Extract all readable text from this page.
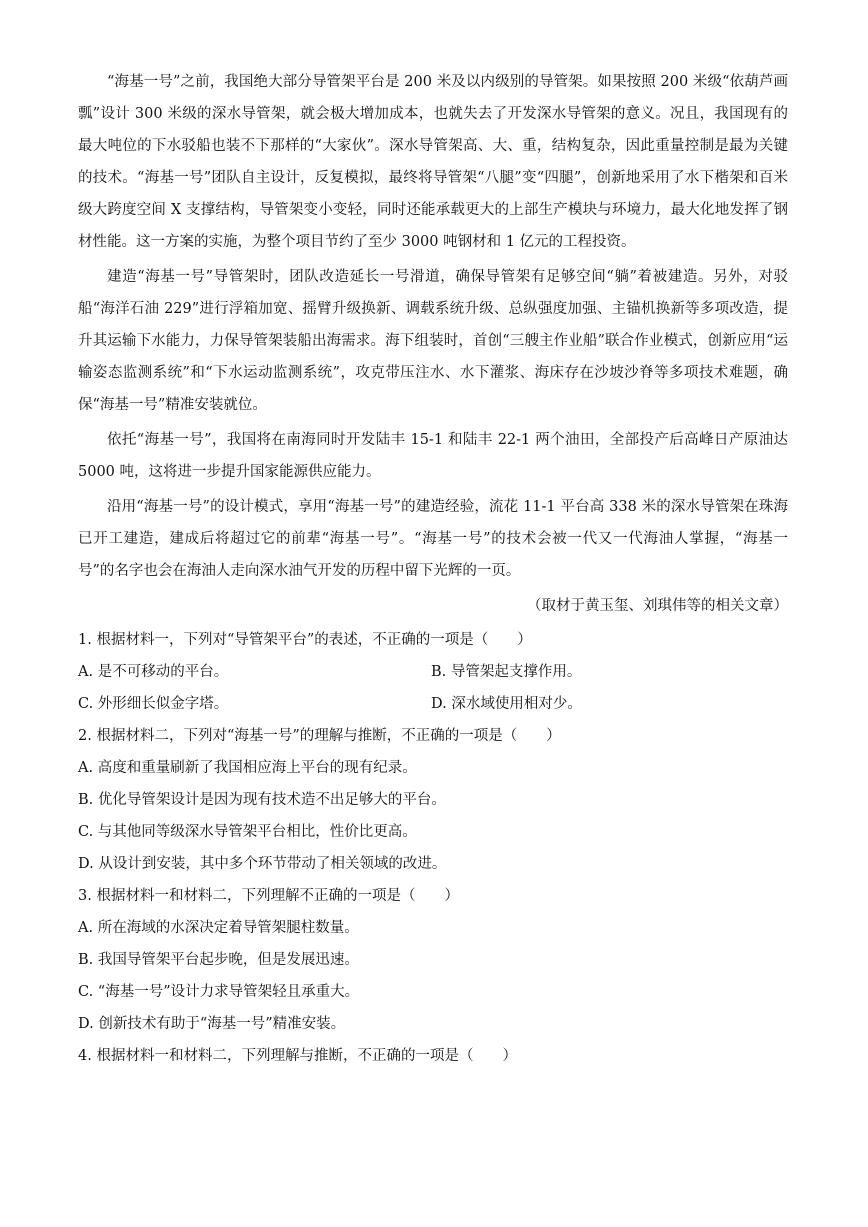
“海基一号”之前，我国绝大部分导管架平台是 200 米及以内级别的导管架。如果按照 200 米级“依葫芦画瓢”设计 300 米级的深水导管架，就会极大增加成本，也就失去了开发深水导管架的意义。况且，我国现有的最大吨位的下水驳船也装不下那样的“大家伙”。深水导管架高、大、重，结构复杂，因此重量控制是最为关键的技术。“海基一号”团队自主设计，反复模拟，最终将导管架“八腿”变“四腿”，创新地采用了水下楷架和百米级大跨度空间 X 支撑结构，导管架变小变轻，同时还能承载更大的上部生产模块与环境力，最大化地发挥了钢材性能。这一方案的实施，为整个项目节约了至少 3000 吨钢材和 1 亿元的工程投资。

建造“海基一号”导管架时，团队改造延长一号滑道，确保导管架有足够空间“躺”着被建造。另外，对驳船“海洋石油 229”进行浮箱加宽、摇臂升级换新、调载系统升级、总纵强度加强、主锚机换新等多项改造，提升其运输下水能力，力保导管架装船出海需求。海下组装时，首创“三艘主作业船”联合作业模式，创新应用“运输姿态监测系统”和“下水运动监测系统”，攻克带压注水、水下灌浆、海床存在沙坡沙脊等多项技术难题，确保“海基一号”精准安装就位。

依托“海基一号”，我国将在南海同时开发陆丰 15-1 和陆丰 22-1 两个油田，全部投产后高峰日产原油达 5000 吨，这将进一步提升国家能源供应能力。

沿用“海基一号”的设计模式，享用“海基一号”的建造经验，流花 11-1 平台高 338 米的深水导管架在珠海已开工建造，建成后将超过它的前辈“海基一号”。“海基一号”的技术会被一代又一代海油人掌握，“海基一号”的名字也会在海油人走向深水油气开发的历程中留下光辉的一页。

（取材于黄玉玺、刘琪伟等的相关文章）

1. 根据材料一，下列对“导管架平台”的表述，不正确的一项是（　　）

A. 是不可移动的平台。	B. 导管架起支撑作用。

C. 外形细长似金字塔。	D. 深水域使用相对少。

2. 根据材料二，下列对“海基一号”的理解与推断，不正确的一项是（　　）

A. 高度和重量刷新了我国相应海上平台的现有纪录。

B. 优化导管架设计是因为现有技术造不出足够大的平台。

C. 与其他同等级深水导管架平台相比，性价比更高。

D. 从设计到安装，其中多个环节带动了相关领域的改进。

3. 根据材料一和材料二，下列理解不正确的一项是（　　）

A. 所在海域的水深决定着导管架腿柱数量。

B. 我国导管架平台起步晚，但是发展迅速。

C. “海基一号”设计力求导管架轻且承重大。

D. 创新技术有助于“海基一号”精准安装。

4. 根据材料一和材料二，下列理解与推断，不正确的一项是（　　）
